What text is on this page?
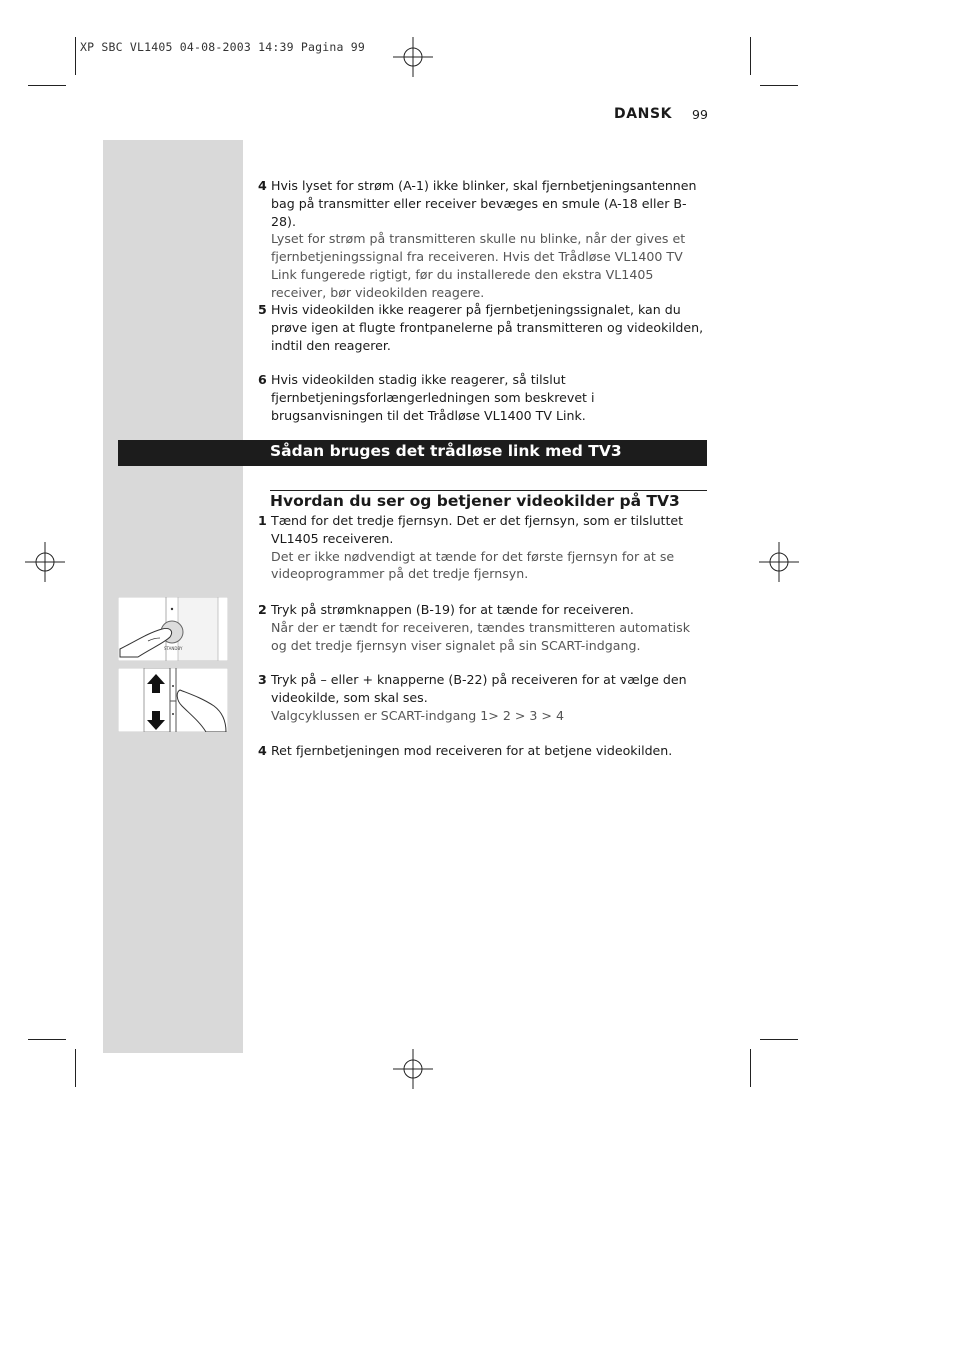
XP SBC VL1405 04-08-2003 14:39 Pagina 99
DANSK 99
4 Hvis lyset for strøm (A-1) ikke blinker, skal fjernbetjeningsantennen bag på transmitter eller receiver bevæges en smule (A-18 eller B-28).
Lyset for strøm på transmitteren skulle nu blinke, når der gives et fjernbetjeningssignal fra receiveren. Hvis det Trådløse VL1400 TV Link fungerede rigtigt, før du installerede den ekstra VL1405 receiver, bør videokilden reagere.
5 Hvis videokilden ikke reagerer på fjernbetjeningssignalet, kan du prøve igen at flugte frontpanelerne på transmitteren og videokilden, indtil den reagerer.
6 Hvis videokilden stadig ikke reagerer, så tilslut fjernbetjeningsforlængerledningen som beskrevet i brugsanvisningen til det Trådløse VL1400 TV Link.
Sådan bruges det trådløse link med TV3
Hvordan du ser og betjener videokilder på TV3
1 Tænd for det tredje fjernsyn. Det er det fjernsyn, som er tilsluttet VL1405 receiveren.
Det er ikke nødvendigt at tænde for det første fjernsyn for at se videoprogrammer på det tredje fjernsyn.
2 Tryk på strømknappen (B-19) for at tænde for receiveren.
Når der er tændt for receiveren, tændes transmitteren automatisk og det tredje fjernsyn viser signalet på sin SCART-indgang.
3 Tryk på – eller + knapperne (B-22) på receiveren for at vælge den videokilde, som skal ses.
Valgcyklussen er SCART-indgang 1> 2 > 3 > 4
4 Ret fjernbetjeningen mod receiveren for at betjene videokilden.
STANDBY
